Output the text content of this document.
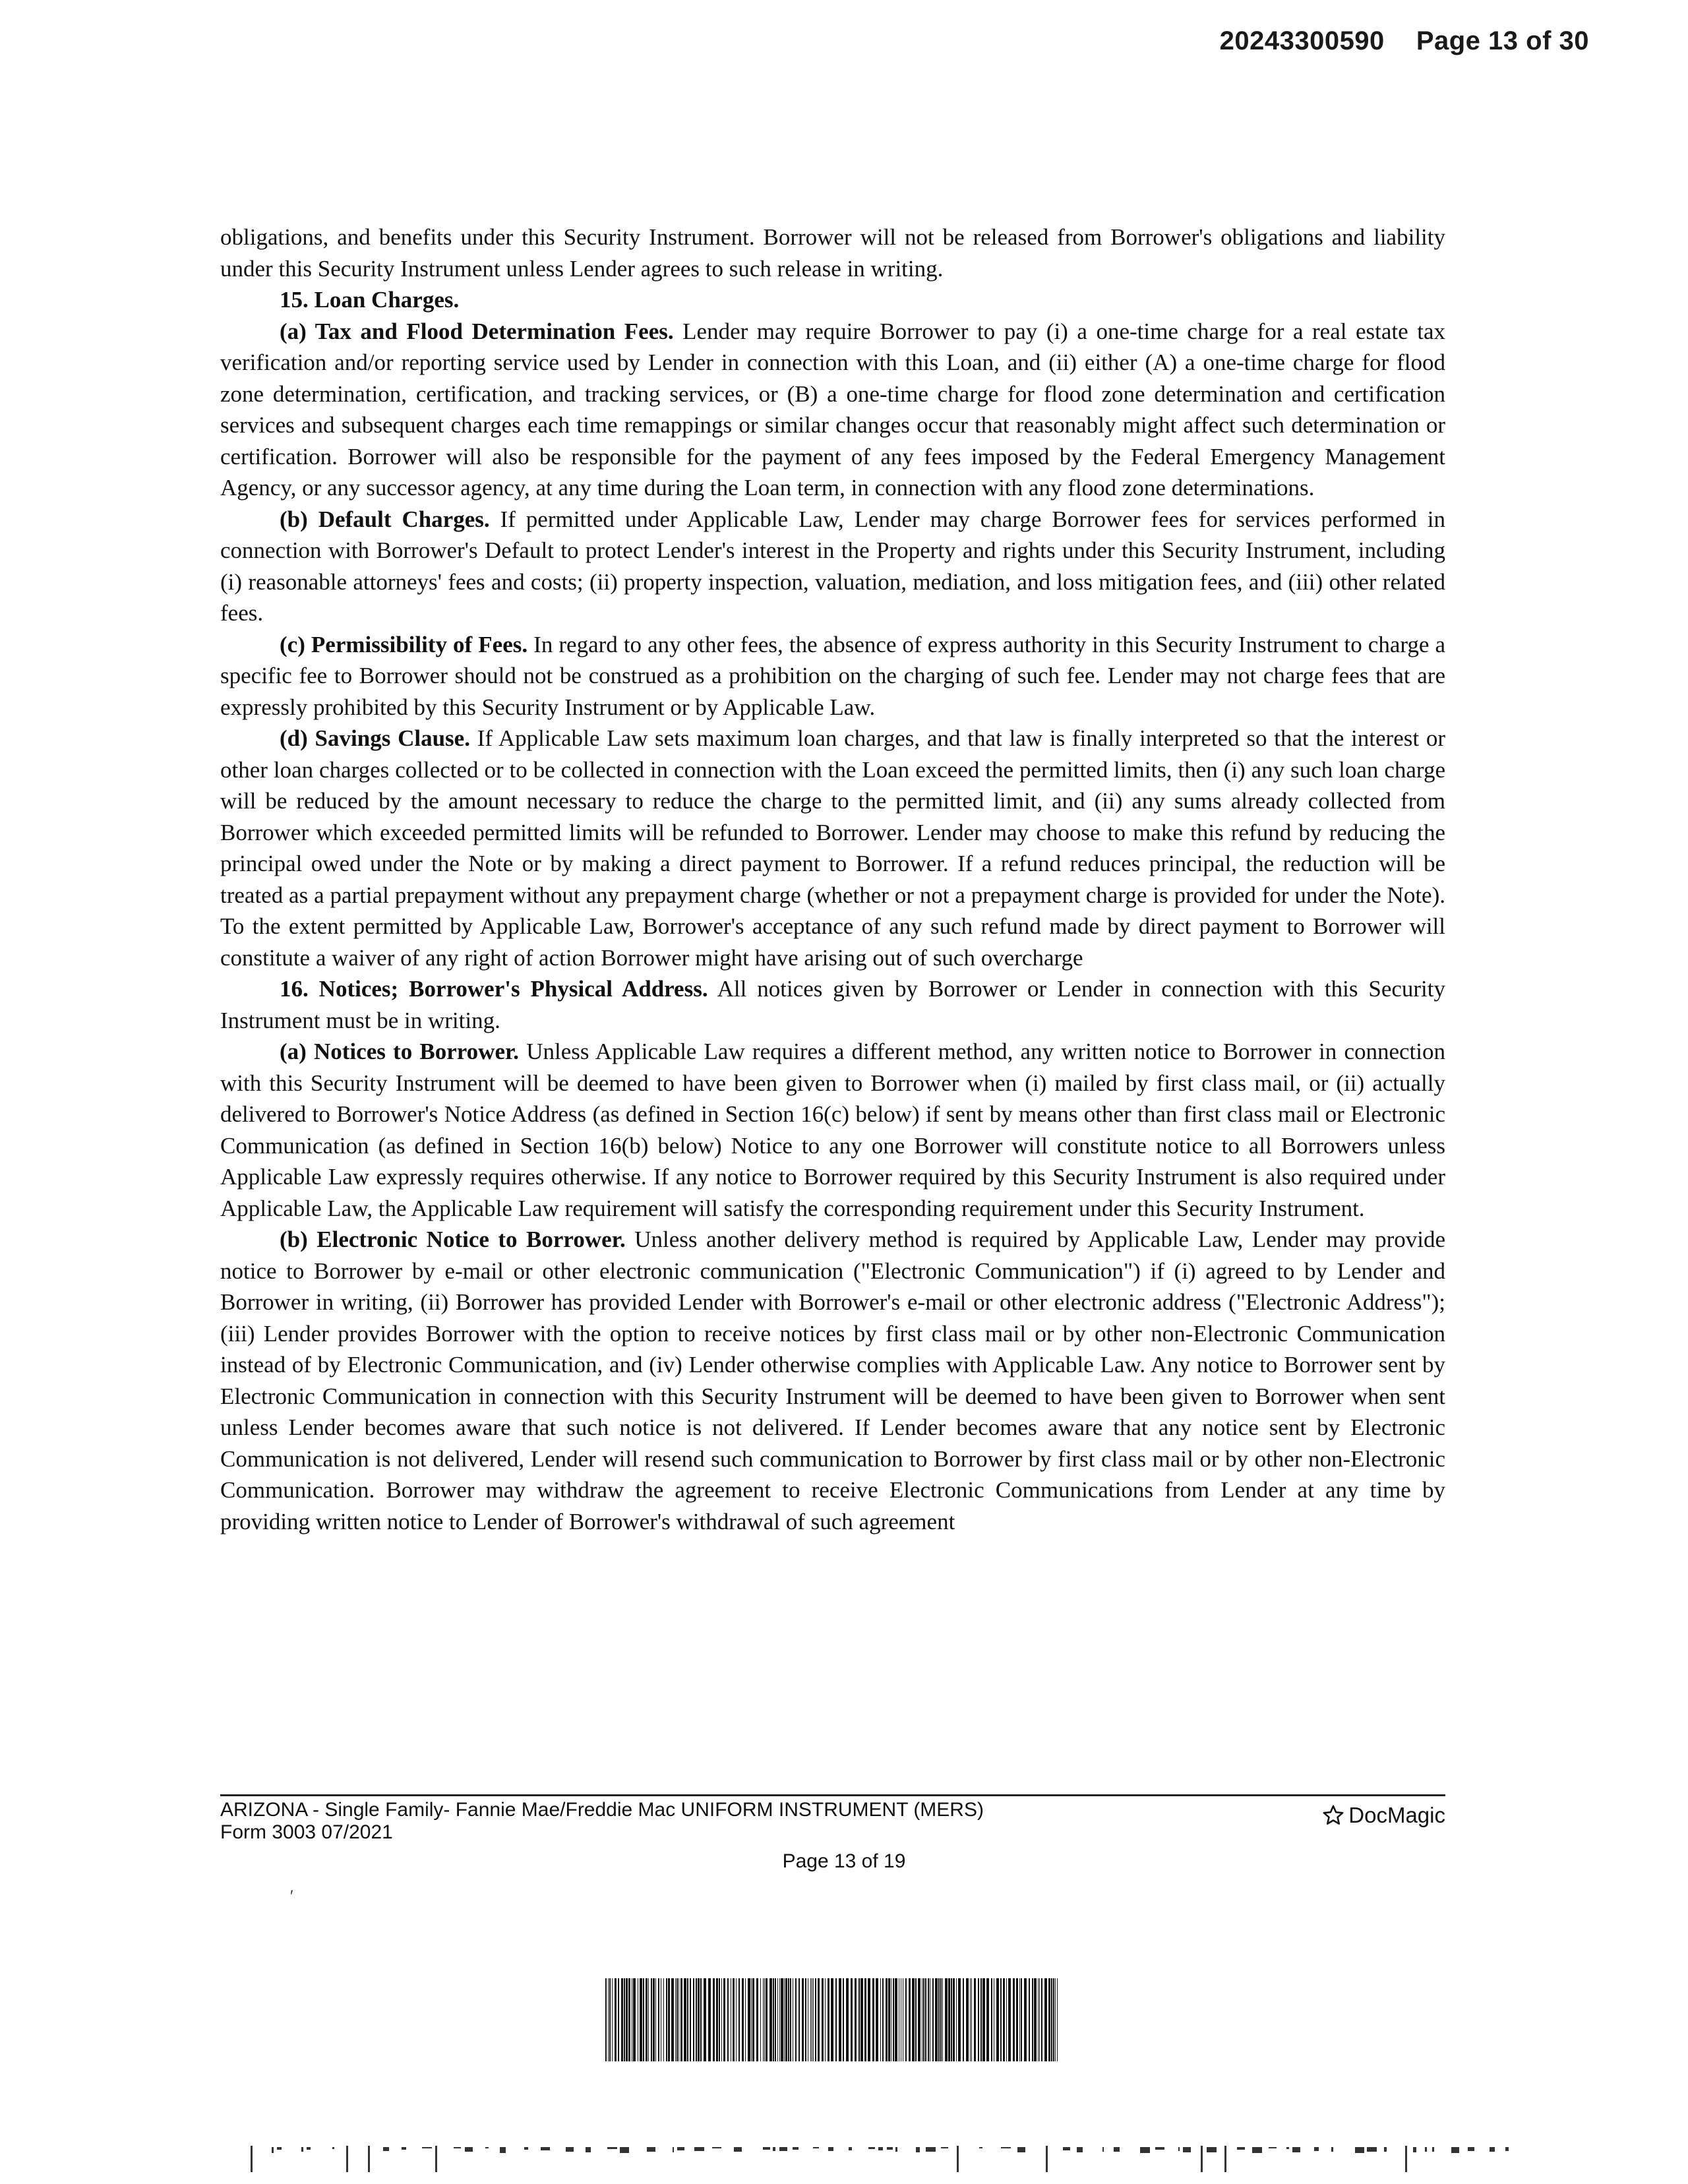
20243300590 Page 13 of 30

obligations, and benefits under this Security Instrument. Borrower will not be released from Borrower's obligations and liability under this Security Instrument unless Lender agrees to such release in writing.

15. Loan Charges.

(a) Tax and Flood Determination Fees. Lender may require Borrower to pay (i) a one-time charge for a real estate tax verification and/or reporting service used by Lender in connection with this Loan, and (ii) either (A) a one-time charge for flood zone determination, certification, and tracking services, or (B) a one-time charge for flood zone determination and certification services and subsequent charges each time remappings or similar changes occur that reasonably might affect such determination or certification. Borrower will also be responsible for the payment of any fees imposed by the Federal Emergency Management Agency, or any successor agency, at any time during the Loan term, in connection with any flood zone determinations.

(b) Default Charges. If permitted under Applicable Law, Lender may charge Borrower fees for services performed in connection with Borrower's Default to protect Lender's interest in the Property and rights under this Security Instrument, including (i) reasonable attorneys' fees and costs; (ii) property inspection, valuation, mediation, and loss mitigation fees, and (iii) other related fees.

(c) Permissibility of Fees. In regard to any other fees, the absence of express authority in this Security Instrument to charge a specific fee to Borrower should not be construed as a prohibition on the charging of such fee. Lender may not charge fees that are expressly prohibited by this Security Instrument or by Applicable Law.

(d) Savings Clause. If Applicable Law sets maximum loan charges, and that law is finally interpreted so that the interest or other loan charges collected or to be collected in connection with the Loan exceed the permitted limits, then (i) any such loan charge will be reduced by the amount necessary to reduce the charge to the permitted limit, and (ii) any sums already collected from Borrower which exceeded permitted limits will be refunded to Borrower. Lender may choose to make this refund by reducing the principal owed under the Note or by making a direct payment to Borrower. If a refund reduces principal, the reduction will be treated as a partial prepayment without any prepayment charge (whether or not a prepayment charge is provided for under the Note). To the extent permitted by Applicable Law, Borrower's acceptance of any such refund made by direct payment to Borrower will constitute a waiver of any right of action Borrower might have arising out of such overcharge

16. Notices; Borrower's Physical Address. All notices given by Borrower or Lender in connection with this Security Instrument must be in writing.

(a) Notices to Borrower. Unless Applicable Law requires a different method, any written notice to Borrower in connection with this Security Instrument will be deemed to have been given to Borrower when (i) mailed by first class mail, or (ii) actually delivered to Borrower's Notice Address (as defined in Section 16(c) below) if sent by means other than first class mail or Electronic Communication (as defined in Section 16(b) below) Notice to any one Borrower will constitute notice to all Borrowers unless Applicable Law expressly requires otherwise. If any notice to Borrower required by this Security Instrument is also required under Applicable Law, the Applicable Law requirement will satisfy the corresponding requirement under this Security Instrument.

(b) Electronic Notice to Borrower. Unless another delivery method is required by Applicable Law, Lender may provide notice to Borrower by e-mail or other electronic communication ("Electronic Communication") if (i) agreed to by Lender and Borrower in writing, (ii) Borrower has provided Lender with Borrower's e-mail or other electronic address ("Electronic Address"); (iii) Lender provides Borrower with the option to receive notices by first class mail or by other non-Electronic Communication instead of by Electronic Communication, and (iv) Lender otherwise complies with Applicable Law. Any notice to Borrower sent by Electronic Communication in connection with this Security Instrument will be deemed to have been given to Borrower when sent unless Lender becomes aware that such notice is not delivered. If Lender becomes aware that any notice sent by Electronic Communication is not delivered, Lender will resend such communication to Borrower by first class mail or by other non-Electronic Communication. Borrower may withdraw the agreement to receive Electronic Communications from Lender at any time by providing written notice to Lender of Borrower's withdrawal of such agreement

ARIZONA - Single Family- Fannie Mae/Freddie Mac UNIFORM INSTRUMENT (MERS)
Form 3003 07/2021
DocMagic
Page 13 of 19
′
